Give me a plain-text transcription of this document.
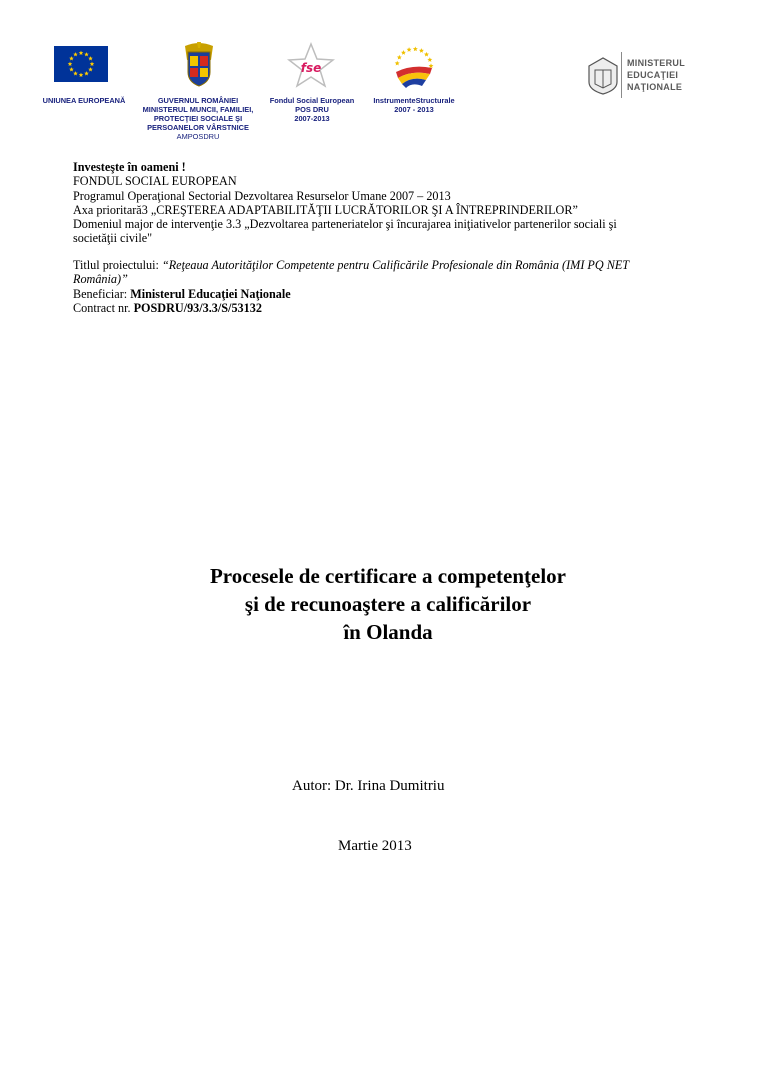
fse	MINISTERUL
EDUCAŢIEI
NAŢIONALE
UNIUNEA EUROPEANĂ	GUVERNUL ROMÂNIEI
MINISTERUL MUNCII, FAMILIEI,
PROTECŢIEI SOCIALE ŞI
PERSOANELOR VÂRSTNICE
AMPOSDRU
Fondul Social European
POS DRU
2007-2013
InstrumenteStructurale
2007 - 2013
Investeşte în oameni !
FONDUL SOCIAL EUROPEAN
Programul Operaţional Sectorial Dezvoltarea Resurselor Umane 2007 – 2013
Axa prioritară3 „CREŞTEREA ADAPTABILITĂŢII LUCRĂTORILOR ŞI A ÎNTREPRINDERILOR”
Domeniul major de intervenţie 3.3 „Dezvoltarea parteneriatelor şi încurajarea iniţiativelor partenerilor sociali şi
societăţii civile"
Titlul proiectului: “Reţeaua Autorităţilor Competente pentru Calificările Profesionale din România (IMI PQ NET
România)”
Beneficiar: Ministerul Educaţiei Naţionale
Contract nr. POSDRU/93/3.3/S/53132
Procesele de certificare a competenţelor
şi de recunoaştere a calificărilor
în Olanda
Autor: Dr. Irina Dumitriu
Martie 2013
